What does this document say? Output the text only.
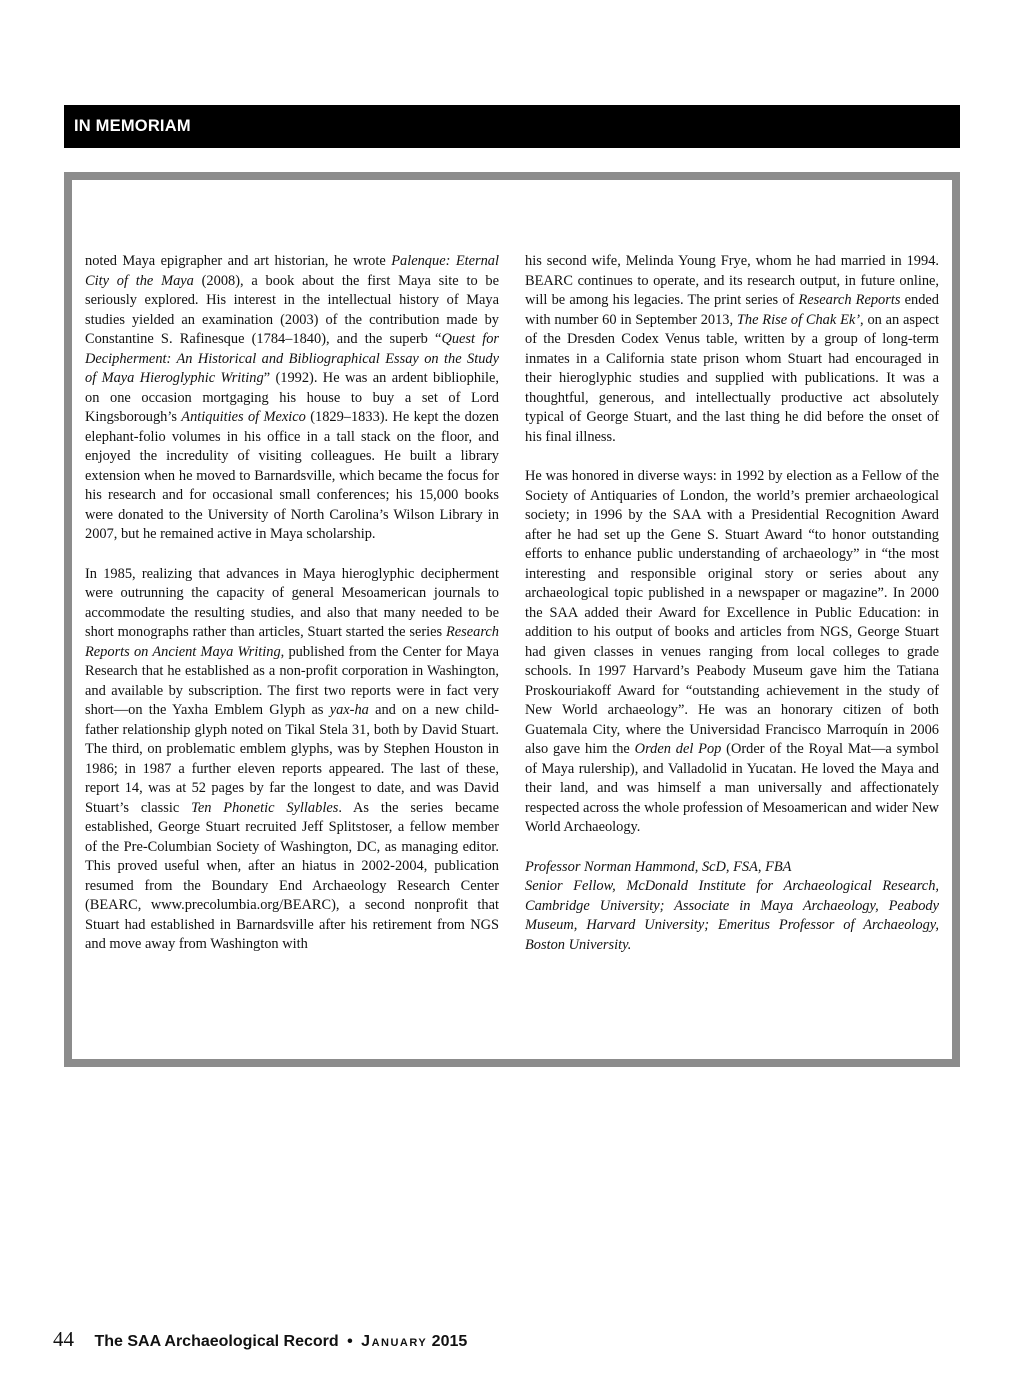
IN MEMORIAM

noted Maya epigrapher and art historian, he wrote Palenque: Eternal City of the Maya (2008), a book about the first Maya site to be seriously explored. His interest in the intellectual history of Maya studies yielded an examination (2003) of the contribution made by Constantine S. Rafinesque (1784–1840), and the superb “Quest for Decipherment: An Historical and Bibliographical Essay on the Study of Maya Hieroglyphic Writing” (1992). He was an ardent bibliophile, on one occasion mortgaging his house to buy a set of Lord Kingsborough’s Antiquities of Mexico (1829–1833). He kept the dozen elephant-folio volumes in his office in a tall stack on the floor, and enjoyed the incredulity of visiting colleagues. He built a library extension when he moved to Barnardsville, which became the focus for his research and for occasional small conferences; his 15,000 books were donated to the University of North Carolina’s Wilson Library in 2007, but he remained active in Maya scholarship.

In 1985, realizing that advances in Maya hieroglyphic decipherment were outrunning the capacity of general Mesoamerican journals to accommodate the resulting studies, and also that many needed to be short monographs rather than articles, Stuart started the series Research Reports on Ancient Maya Writing, published from the Center for Maya Research that he established as a non-profit corporation in Washington, and available by subscription. The first two reports were in fact very short—on the Yaxha Emblem Glyph as yax-ha and on a new child-father relationship glyph noted on Tikal Stela 31, both by David Stuart. The third, on problematic emblem glyphs, was by Stephen Houston in 1986; in 1987 a further eleven reports appeared. The last of these, report 14, was at 52 pages by far the longest to date, and was David Stuart’s classic Ten Phonetic Syllables. As the series became established, George Stuart recruited Jeff Splitstoser, a fellow member of the Pre-Columbian Society of Washington, DC, as managing editor. This proved useful when, after an hiatus in 2002-2004, publication resumed from the Boundary End Archaeology Research Center (BEARC, www.precolumbia.org/BEARC), a second nonprofit that Stuart had established in Barnardsville after his retirement from NGS and move away from Washington with

his second wife, Melinda Young Frye, whom he had married in 1994. BEARC continues to operate, and its research output, in future online, will be among his legacies. The print series of Research Reports ended with number 60 in September 2013, The Rise of Chak Ek’, on an aspect of the Dresden Codex Venus table, written by a group of long-term inmates in a California state prison whom Stuart had encouraged in their hieroglyphic studies and supplied with publications. It was a thoughtful, generous, and intellectually productive act absolutely typical of George Stuart, and the last thing he did before the onset of his final illness.

He was honored in diverse ways: in 1992 by election as a Fellow of the Society of Antiquaries of London, the world’s premier archaeological society; in 1996 by the SAA with a Presidential Recognition Award after he had set up the Gene S. Stuart Award “to honor outstanding efforts to enhance public understanding of archaeology” in “the most interesting and responsible original story or series about any archaeological topic published in a newspaper or magazine”. In 2000 the SAA added their Award for Excellence in Public Education: in addition to his output of books and articles from NGS, George Stuart had given classes in venues ranging from local colleges to grade schools. In 1997 Harvard’s Peabody Museum gave him the Tatiana Proskouriakoff Award for “outstanding achievement in the study of New World archaeology”. He was an honorary citizen of both Guatemala City, where the Universidad Francisco Marroquín in 2006 also gave him the Orden del Pop (Order of the Royal Mat—a symbol of Maya rulership), and Valladolid in Yucatan. He loved the Maya and their land, and was himself a man universally and affectionately respected across the whole profession of Mesoamerican and wider New World Archaeology.

Professor Norman Hammond, ScD, FSA, FBA
Senior Fellow, McDonald Institute for Archaeological Research, Cambridge University; Associate in Maya Archaeology, Peabody Museum, Harvard University; Emeritus Professor of Archaeology, Boston University.

44 The SAA Archaeological Record • January 2015
